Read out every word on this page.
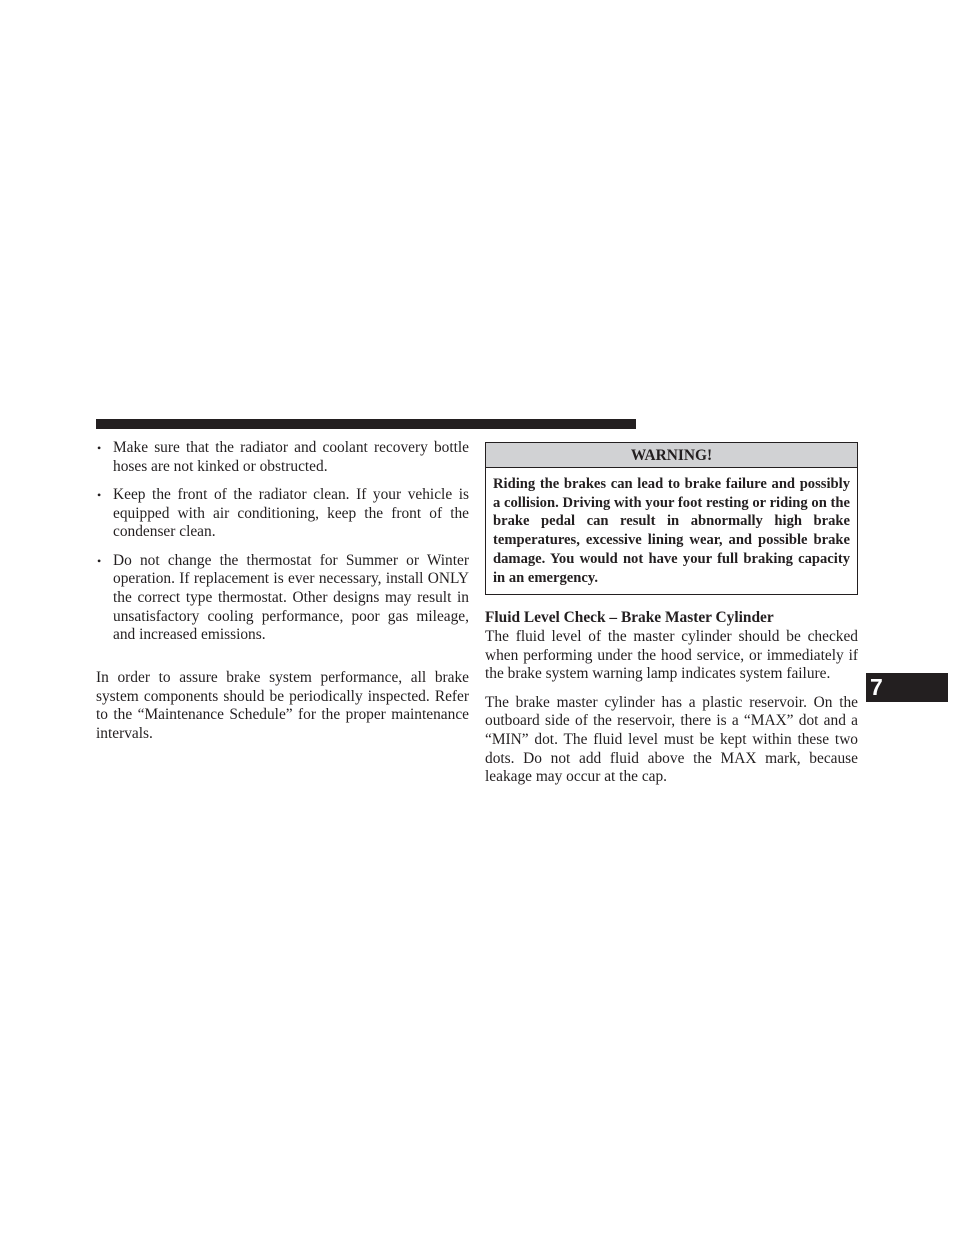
• Make sure that the radiator and coolant recovery bottle hoses are not kinked or obstructed.
• Keep the front of the radiator clean. If your vehicle is equipped with air conditioning, keep the front of the condenser clean.
• Do not change the thermostat for Summer or Winter operation. If replacement is ever necessary, install ONLY the correct type thermostat. Other designs may result in unsatisfactory cooling performance, poor gas mileage, and increased emissions.

In order to assure brake system performance, all brake system components should be periodically inspected. Refer to the “Maintenance Schedule” for the proper maintenance intervals.

WARNING!
Riding the brakes can lead to brake failure and possibly a collision. Driving with your foot resting or riding on the brake pedal can result in abnormally high brake temperatures, excessive lining wear, and possible brake damage. You would not have your full braking capacity in an emergency.

Fluid Level Check – Brake Master Cylinder

The fluid level of the master cylinder should be checked when performing under the hood service, or immediately if the brake system warning lamp indicates system failure.

The brake master cylinder has a plastic reservoir. On the outboard side of the reservoir, there is a “MAX” dot and a “MIN” dot. The fluid level must be kept within these two dots. Do not add fluid above the MAX mark, because leakage may occur at the cap.

7
